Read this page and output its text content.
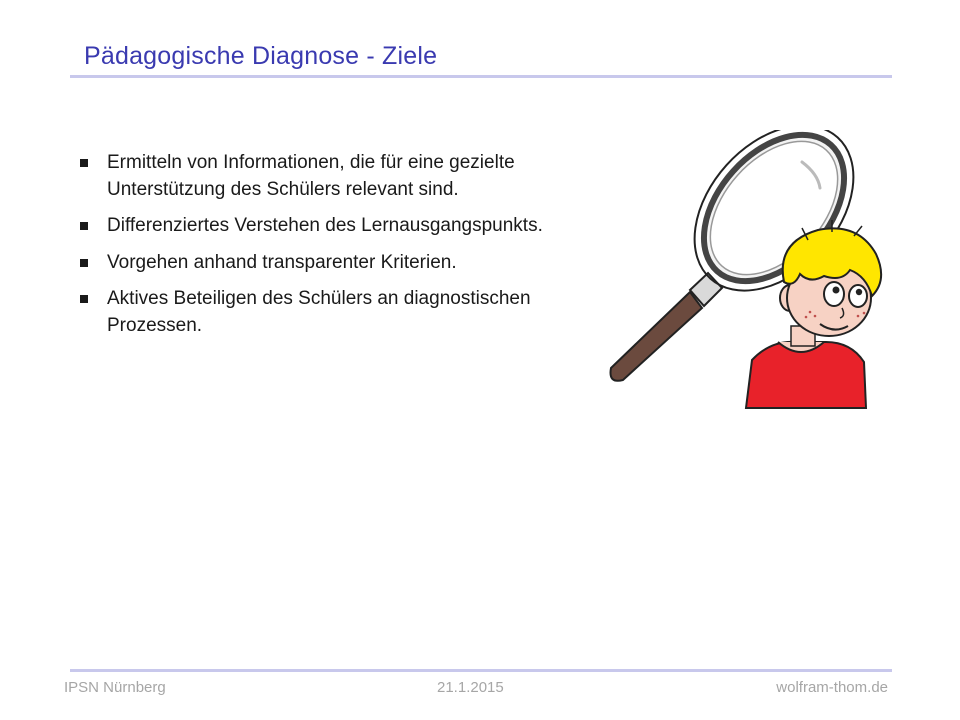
Pädagogische Diagnose - Ziele
Ermitteln von Informationen, die für eine gezielte Unterstützung des Schülers relevant sind.
Differenziertes Verstehen des Lernausgangspunkts.
Vorgehen anhand transparenter Kriterien.
Aktives Beteiligen des Schülers an diagnostischen Prozessen.
IPSN Nürnberg	21.1.2015	wolfram-thom.de
